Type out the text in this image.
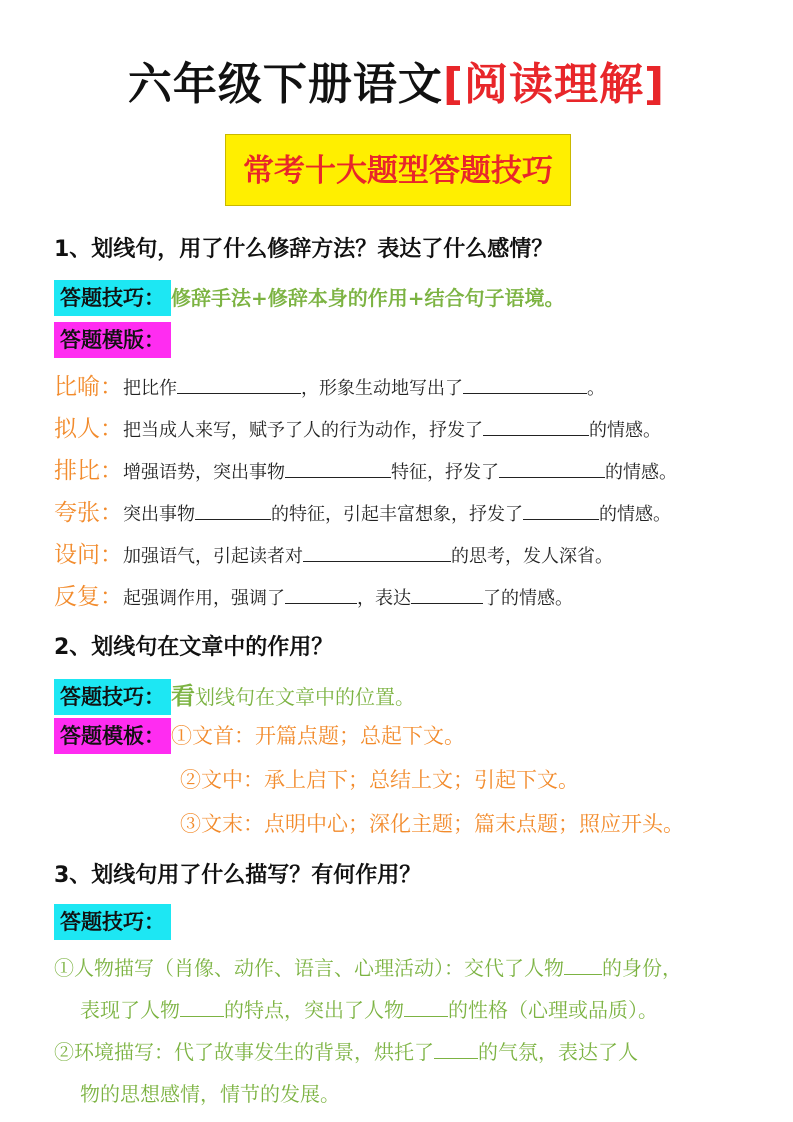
六年级下册语文[阅读理解]
常考十大题型答题技巧
1、划线句，用了什么修辞方法？表达了什么感情？
答题技巧： 修辞手法+修辞本身的作用+结合句子语境。
答题模版：
比喻：把比作	，形象生动地写出了	。
拟人：把当成人来写，赋予了人的行为动作，抒发了	的情感。
排比：增强语势，突出事物	特征，抒发了	的情感。
夸张：突出事物	的特征，引起丰富想象，抒发了	的情感。
设问：加强语气，引起读者对	的思考，发人深省。
反复：起强调作用，强调了	，表达	了的情感。
2、划线句在文章中的作用？
答题技巧： 看划线句在文章中的位置。
答题模板： ①文首：开篇点题；总起下文。
②文中：承上启下；总结上文；引起下文。
③文末：点明中心；深化主题；篇末点题；照应开头。
3、划线句用了什么描写？有何作用？
答题技巧：
①人物描写（肖像、动作、语言、心理活动）：交代了人物 的身份，
表现了人物 的特点，突出了人物 的性格（心理或品质）。
②环境描写：代了故事发生的背景，烘托了 的气氛，表达了人
物的思想感情，情节的发展。
